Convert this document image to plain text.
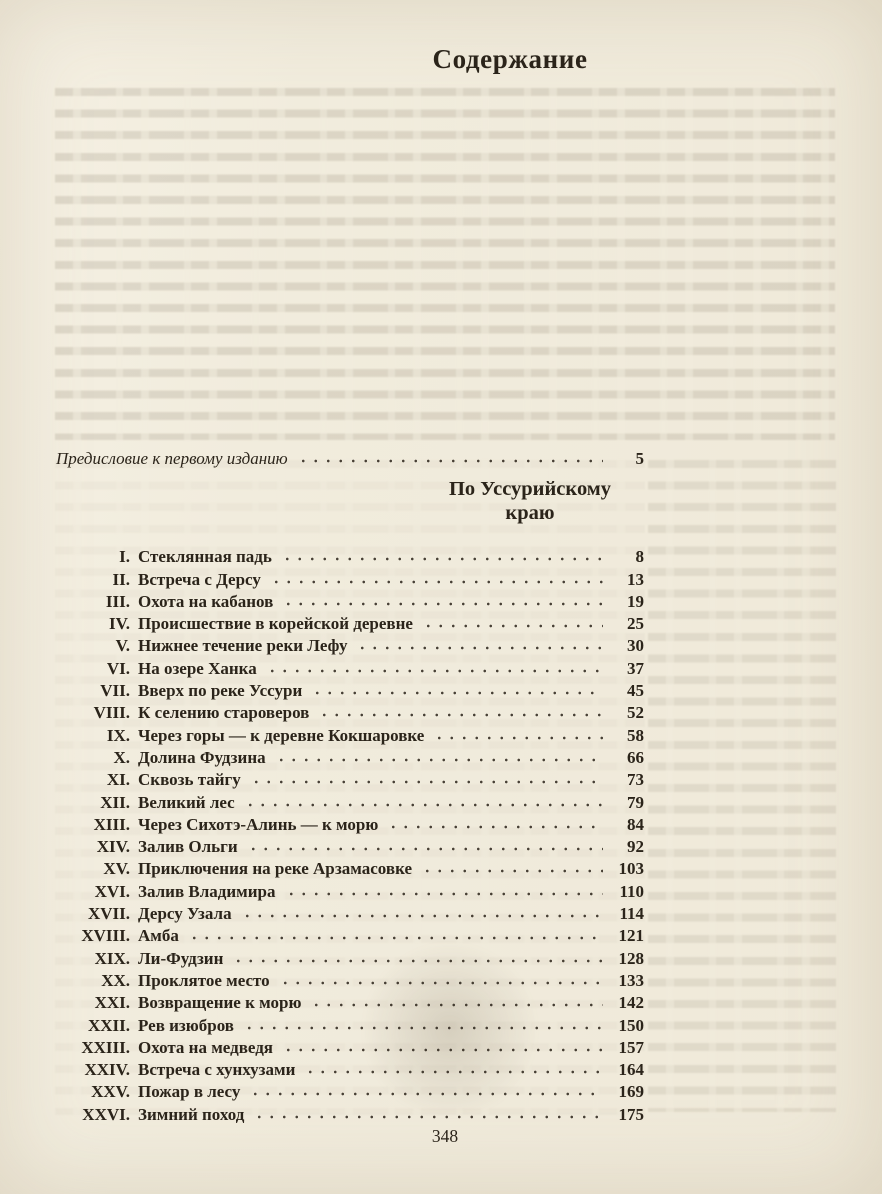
Содержание
Предисловие к первому изданию	5
По Уссурийскому
краю
I. Стеклянная падь	8
II. Встреча с Дерсу	13
III. Охота на кабанов	19
IV. Происшествие в корейской деревне	25
V. Нижнее течение реки Лефу	30
VI. На озере Ханка	37
VII. Вверх по реке Уссури	45
VIII. К селению староверов	52
IX. Через горы — к деревне Кокшаровке	58
X. Долина Фудзина	66
XI. Сквозь тайгу	73
XII. Великий лес	79
XIII. Через Сихотэ-Алинь — к морю	84
XIV. Залив Ольги	92
XV. Приключения на реке Арзамасовке	103
XVI. Залив Владимира	110
XVII. Дерсу Узала	114
XVIII. Амба	121
XIX. Ли-Фудзин	128
XX. Проклятое место	133
XXI. Возвращение к морю	142
XXII. Рев изюбров	150
XXIII. Охота на медведя	157
XXIV. Встреча с хунхузами	164
XXV. Пожар в лесу	169
XXVI. Зимний поход	175
348
